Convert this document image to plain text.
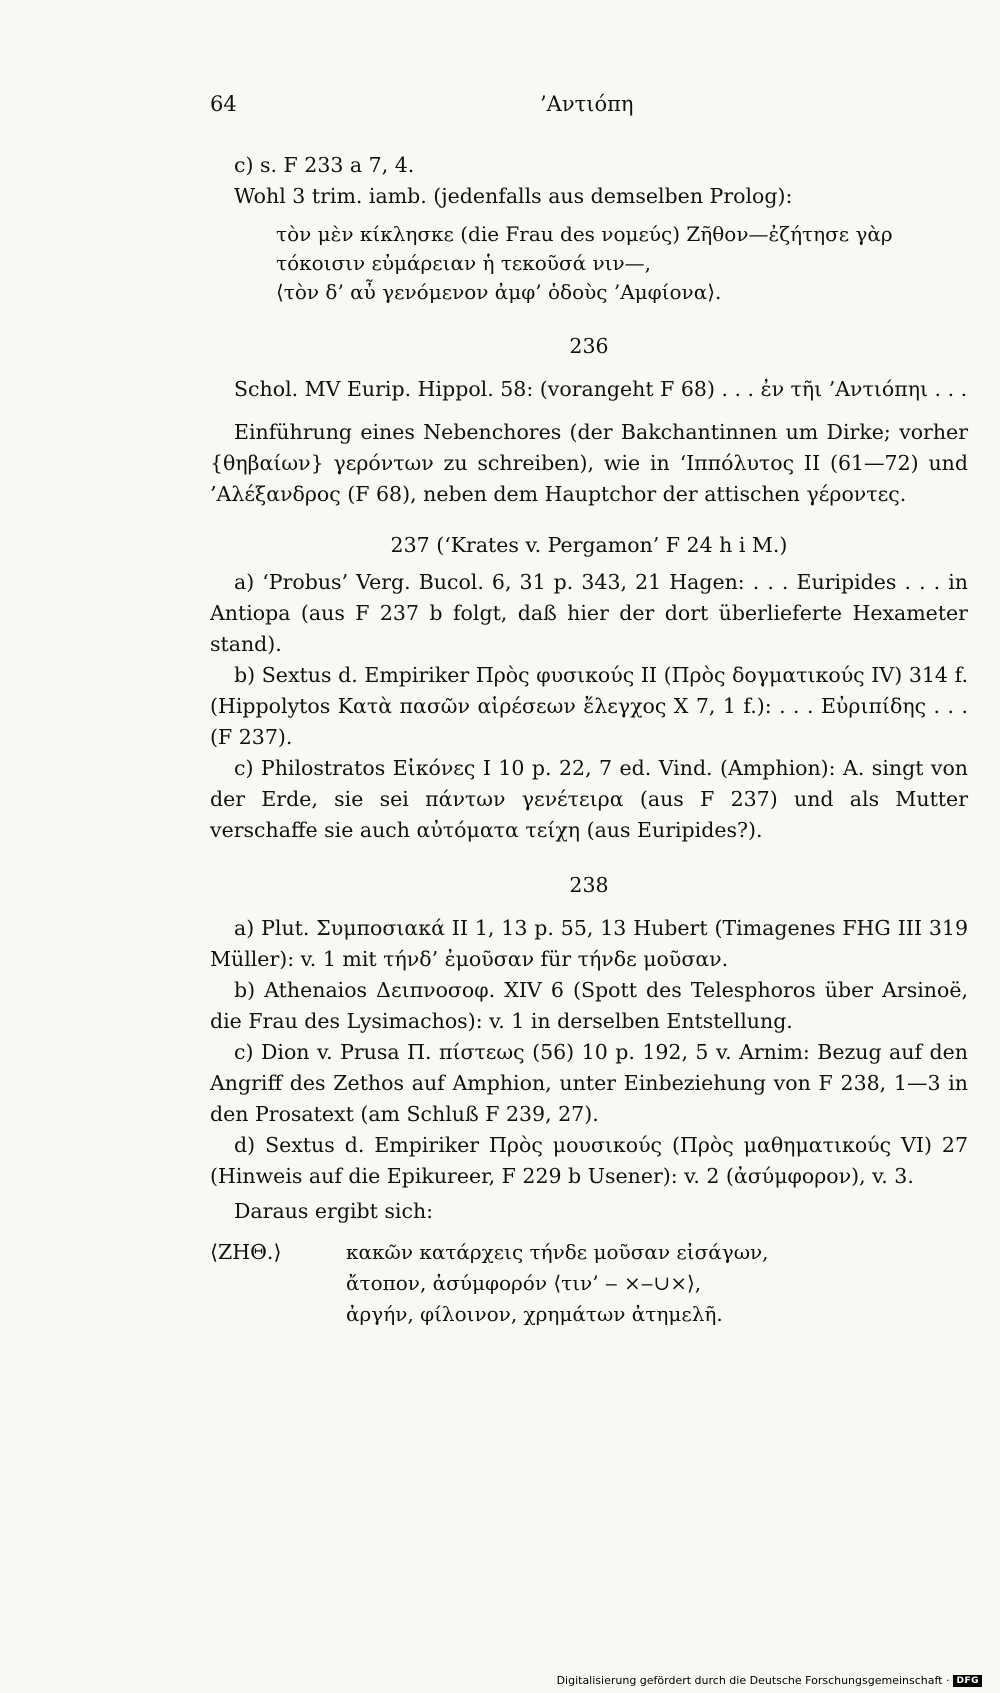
64	’Αντιόπη

c) s. F 233 a 7, 4.

Wohl 3 trim. iamb. (jedenfalls aus demselben Prolog):

τὸν μὲν κίκλησκε (die Frau des νομεύς) Ζῆθον—ἐζήτησε γὰρ
τόκοισιν εὐμάρειαν ἡ τεκοῦσά νιν—,
⟨τὸν δ’ αὖ γενόμενον ἀμφ’ ὁδοὺς ’Αμφίονα⟩.
236

Schol. MV Eurip. Hippol. 58: (vorangeht F 68) . . . ἐν τῆι ’Αντιόπηι . . .

Einführung eines Nebenchores (der Bakchantinnen um Dirke; vorher {θηβαίων} γερόντων zu schreiben), wie in ‘Ιππόλυτος II (61—72) und ’Αλέξανδρος (F 68), neben dem Hauptchor der attischen γέροντες.

237 (‘Krates v. Pergamon’ F 24 h i M.)

a) ‘Probus’ Verg. Bucol. 6, 31 p. 343, 21 Hagen: . . . Euripides . . . in Antiopa (aus F 237 b folgt, daß hier der dort überlieferte Hexameter stand).

b) Sextus d. Empiriker Πρὸς φυσικούς II (Πρὸς δογματικούς IV) 314 f. (Hippolytos Κατὰ πασῶν αἱρέσεων ἔλεγχος X 7, 1 f.): . . . Εὐριπίδης . . . (F 237).

c) Philostratos Εἰκόνες I 10 p. 22, 7 ed. Vind. (Amphion): A. singt von der Erde, sie sei πάντων γενέτειρα (aus F 237) und als Mutter verschaffe sie auch αὐτόματα τείχη (aus Euripides?).

238

a) Plut. Συμποσιακά II 1, 13 p. 55, 13 Hubert (Timagenes FHG III 319 Müller): v. 1 mit τήνδ’ ἐμοῦσαν für τήνδε μοῦσαν.

b) Athenaios Δειπνοσοφ. XIV 6 (Spott des Telesphoros über Arsinoë, die Frau des Lysimachos): v. 1 in derselben Entstellung.

c) Dion v. Prusa Π. πίστεως (56) 10 p. 192, 5 v. Arnim: Bezug auf den Angriff des Zethos auf Amphion, unter Einbeziehung von F 238, 1—3 in den Prosatext (am Schluß F 239, 27).

d) Sextus d. Empiriker Πρὸς μουσικούς (Πρὸς μαθηματικούς VI) 27 (Hinweis auf die Epikureer, F 229 b Usener): v. 2 (ἀσύμφορον), v. 3.

Daraus ergibt sich:

⟨ΖΗΘ.⟩	κακῶν κατάρχεις τήνδε μοῦσαν εἰσάγων,
ἄτοπον, ἀσύμφορόν ⟨τιν’ ‒ ×‒∪×⟩,
ἀργήν, φίλοινον, χρημάτων ἀτημελῆ.
Digitalisierung gefördert durch die Deutsche Forschungsgemeinschaft · DFG
